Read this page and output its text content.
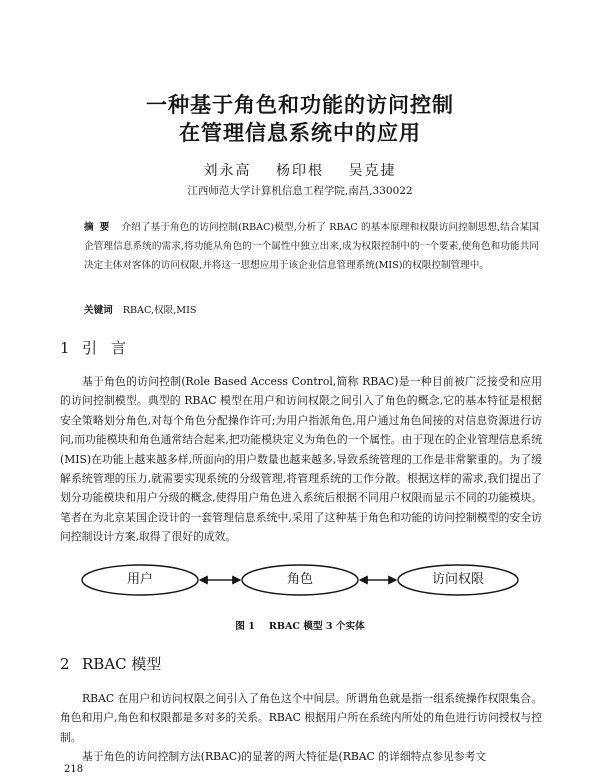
一种基于角色和功能的访问控制
在管理信息系统中的应用
刘永高 杨印根 吴克捷
江西师范大学计算机信息工程学院,南昌,330022
摘要 介绍了基于角色的访问控制(RBAC)模型,分析了 RBAC 的基本原理和权限访问控制思想,结合某国企管理信息系统的需求,将功能从角色的一个属性中独立出来,成为权限控制中的一个要素,使角色和功能共同决定主体对客体的访问权限,并将这一思想应用于该企业信息管理系统(MIS)的权限控制管理中。
关键词 RBAC,权限,MIS
1 引言

基于角色的访问控制(Role Based Access Control,简称 RBAC)是一种目前被广泛接受和应用的访问控制模型。典型的 RBAC 模型在用户和访问权限之间引入了角色的概念,它的基本特征是根据安全策略划分角色,对每个角色分配操作许可;为用户指派角色,用户通过角色间接的对信息资源进行访问,而功能模块和角色通常结合起来,把功能模块定义为角色的一个属性。由于现在的企业管理信息系统(MIS)在功能上越来越多样,所面向的用户数量也越来越多,导致系统管理的工作是非常繁重的。为了缓解系统管理的压力,就需要实现系统的分级管理,将管理系统的工作分散。根据这样的需求,我们提出了划分功能模块和用户分级的概念,使得用户角色进入系统后根据不同用户权限而显示不同的功能模块。笔者在为北京某国企设计的一套管理信息系统中,采用了这种基于角色和功能的访问控制模型的安全访问控制设计方案,取得了很好的成效。

用户	角色	访问权限
图 1 RBAC 模型 3 个实体
2 RBAC 模型

RBAC 在用户和访问权限之间引入了角色这个中间层。所谓角色就是指一组系统操作权限集合。角色和用户,角色和权限都是多对多的关系。RBAC 根据用户所在系统内所处的角色进行访问授权与控制。

基于角色的访问控制方法(RBAC)的显著的两大特征是(RBAC 的详细特点参见参考文

218
